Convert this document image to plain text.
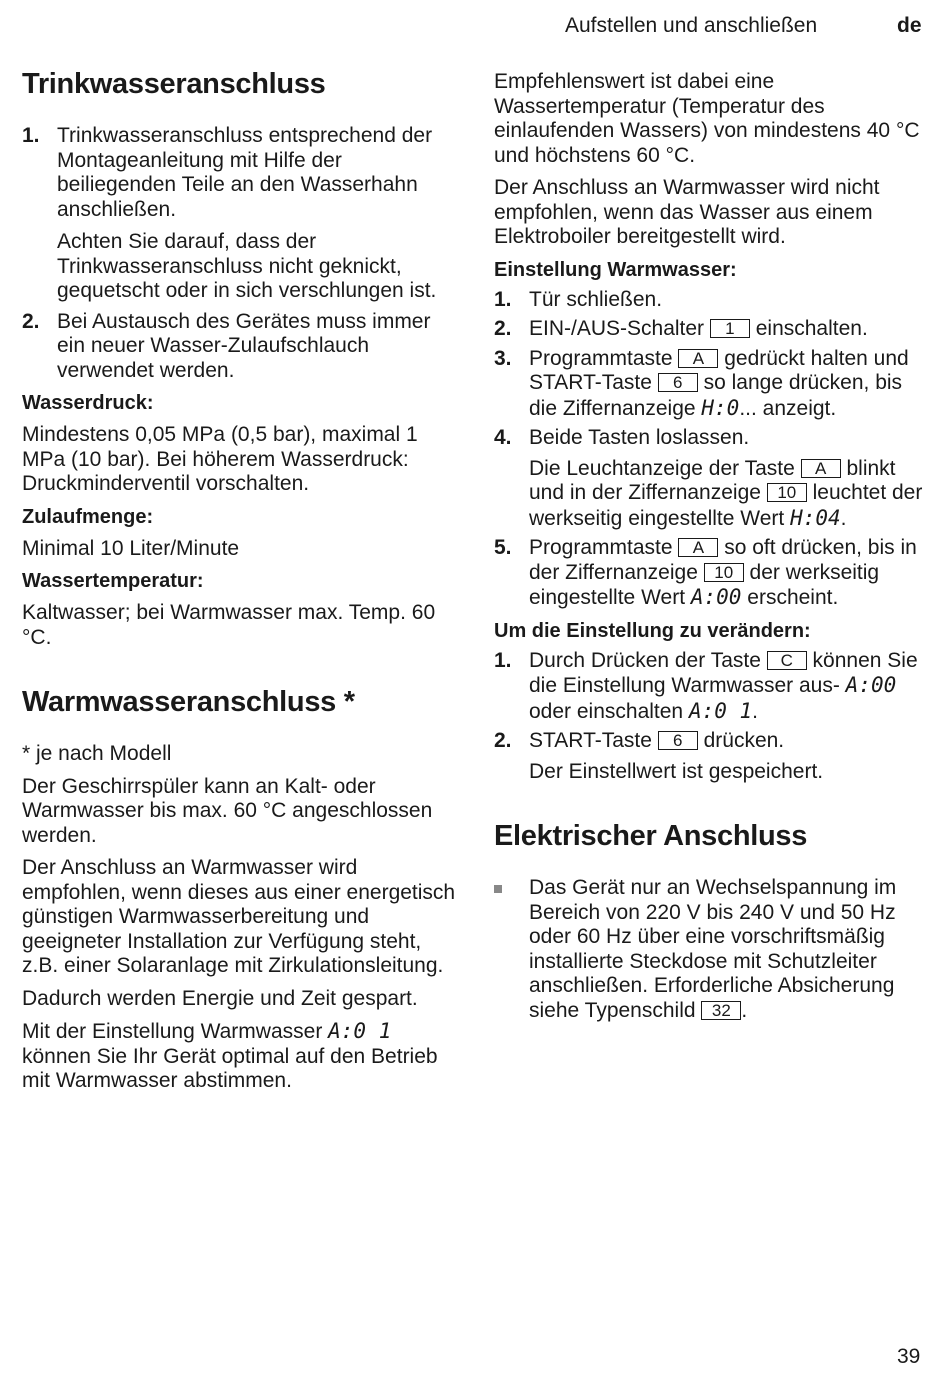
Aufstellen und anschließen	de
Trinkwasseranschluss
1. Trinkwasseranschluss entsprechend der Montageanleitung mit Hilfe der beiliegenden Teile an den Wasserhahn anschließen.

Achten Sie darauf, dass der Trinkwasseranschluss nicht geknickt, gequetscht oder in sich verschlungen ist.

2. Bei Austausch des Gerätes muss immer ein neuer Wasser-Zulaufschlauch verwendet werden.
Wasserdruck:

Mindestens 0,05 MPa (0,5 bar), maximal 1 MPa (10 bar). Bei höherem Wasserdruck: Druckminderventil vorschalten.

Zulaufmenge:

Minimal 10 Liter/Minute

Wassertemperatur:

Kaltwasser; bei Warmwasser max. Temp. 60 °C.

Warmwasseranschluss *

* je nach Modell

Der Geschirrspüler kann an Kalt- oder Warmwasser bis max. 60 °C angeschlossen werden.

Der Anschluss an Warmwasser wird empfohlen, wenn dieses aus einer energetisch günstigen Warmwasserbereitung und geeigneter Installation zur Verfügung steht, z.B. einer Solaranlage mit Zirkulationsleitung.

Dadurch werden Energie und Zeit gespart.

Mit der Einstellung Warmwasser A:0 1 können Sie Ihr Gerät optimal auf den Betrieb mit Warmwasser abstimmen.

Empfehlenswert ist dabei eine Wassertemperatur (Temperatur des einlaufenden Wassers) von mindestens 40 °C und höchstens 60 °C.

Der Anschluss an Warmwasser wird nicht empfohlen, wenn das Wasser aus einem Elektroboiler bereitgestellt wird.

Einstellung Warmwasser:
1. Tür schließen.
2. EIN-/AUS-Schalter 1 einschalten.
3. Programmtaste A gedrückt halten und START-Taste 6 so lange drücken, bis die Ziffernanzeige H:0... anzeigt.
4. Beide Tasten loslassen.

Die Leuchtanzeige der Taste A blinkt und in der Ziffernanzeige 10 leuchtet der werkseitig eingestellte Wert H:04.

5. Programmtaste A so oft drücken, bis in der Ziffernanzeige 10 der werkseitig eingestellte Wert A:00 erscheint.
Um die Einstellung zu verändern:
1. Durch Drücken der Taste C können Sie die Einstellung Warmwasser aus- A:00 oder einschalten A:0 1.
2. START-Taste 6 drücken.

Der Einstellwert ist gespeichert.

Elektrischer Anschluss
Das Gerät nur an Wechselspannung im Bereich von 220 V bis 240 V und 50 Hz oder 60 Hz über eine vorschriftsmäßig installierte Steckdose mit Schutzleiter anschließen. Erforderliche Absicherung siehe Typenschild 32 .
39
